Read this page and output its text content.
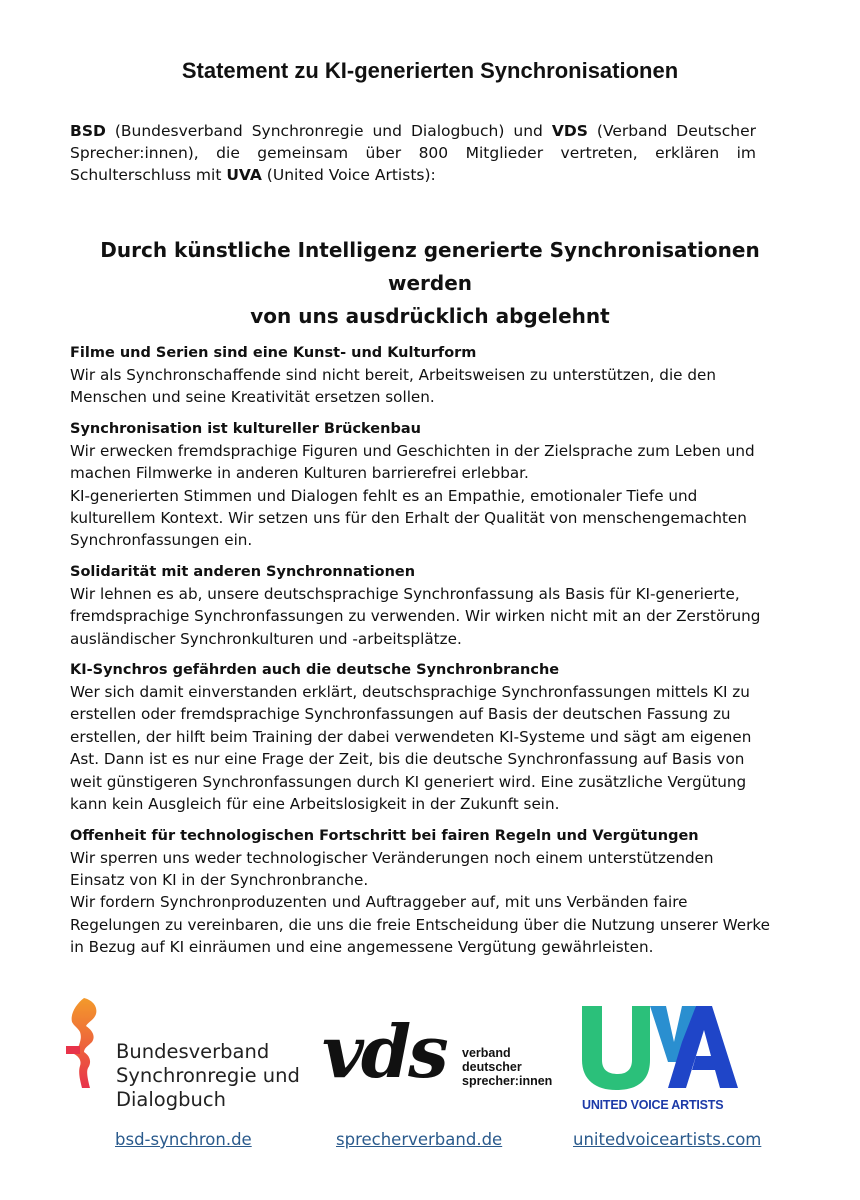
Statement zu KI-generierten Synchronisationen

BSD (Bundesverband Synchronregie und Dialogbuch) und VDS (Verband Deutscher Sprecher:innen), die gemeinsam über 800 Mitglieder vertreten, erklären im Schulterschluss mit UVA (United Voice Artists):

Durch künstliche Intelligenz generierte Synchronisationen werden
von uns ausdrücklich abgelehnt
Filme und Serien sind eine Kunst- und Kulturform

Wir als Synchronschaffende sind nicht bereit, Arbeitsweisen zu unterstützen, die den Menschen und seine Kreativität ersetzen sollen.

Synchronisation ist kultureller Brückenbau

Wir erwecken fremdsprachige Figuren und Geschichten in der Zielsprache zum Leben und machen Filmwerke in anderen Kulturen barrierefrei erlebbar.

KI-generierten Stimmen und Dialogen fehlt es an Empathie, emotionaler Tiefe und kulturellem Kontext. Wir setzen uns für den Erhalt der Qualität von menschengemachten Synchronfassungen ein.

Solidarität mit anderen Synchronnationen

Wir lehnen es ab, unsere deutschsprachige Synchronfassung als Basis für KI-generierte, fremdsprachige Synchronfassungen zu verwenden. Wir wirken nicht mit an der Zerstörung ausländischer Synchronkulturen und -arbeitsplätze.

KI-Synchros gefährden auch die deutsche Synchronbranche

Wer sich damit einverstanden erklärt, deutschsprachige Synchronfassungen mittels KI zu erstellen oder fremdsprachige Synchronfassungen auf Basis der deutschen Fassung zu erstellen, der hilft beim Training der dabei verwendeten KI-Systeme und sägt am eigenen Ast. Dann ist es nur eine Frage der Zeit, bis die deutsche Synchronfassung auf Basis von weit günstigeren Synchronfassungen durch KI generiert wird. Eine zusätzliche Vergütung kann kein Ausgleich für eine Arbeitslosigkeit in der Zukunft sein.

Offenheit für technologischen Fortschritt bei fairen Regeln und Vergütungen

Wir sperren uns weder technologischer Veränderungen noch einem unterstützenden Einsatz von KI in der Synchronbranche.

Wir fordern Synchronproduzenten und Auftraggeber auf, mit uns Verbänden faire Regelungen zu vereinbaren, die uns die freie Entscheidung über die Nutzung unserer Werke in Bezug auf KI einräumen und eine angemessene Vergütung gewährleisten.

Bundesverband
Synchronregie und
Dialogbuch
vds verband
deutscher
sprecher:innen
UNITED VOICE ARTISTS
bsd-synchron.de	sprecherverband.de	unitedvoiceartists.com
